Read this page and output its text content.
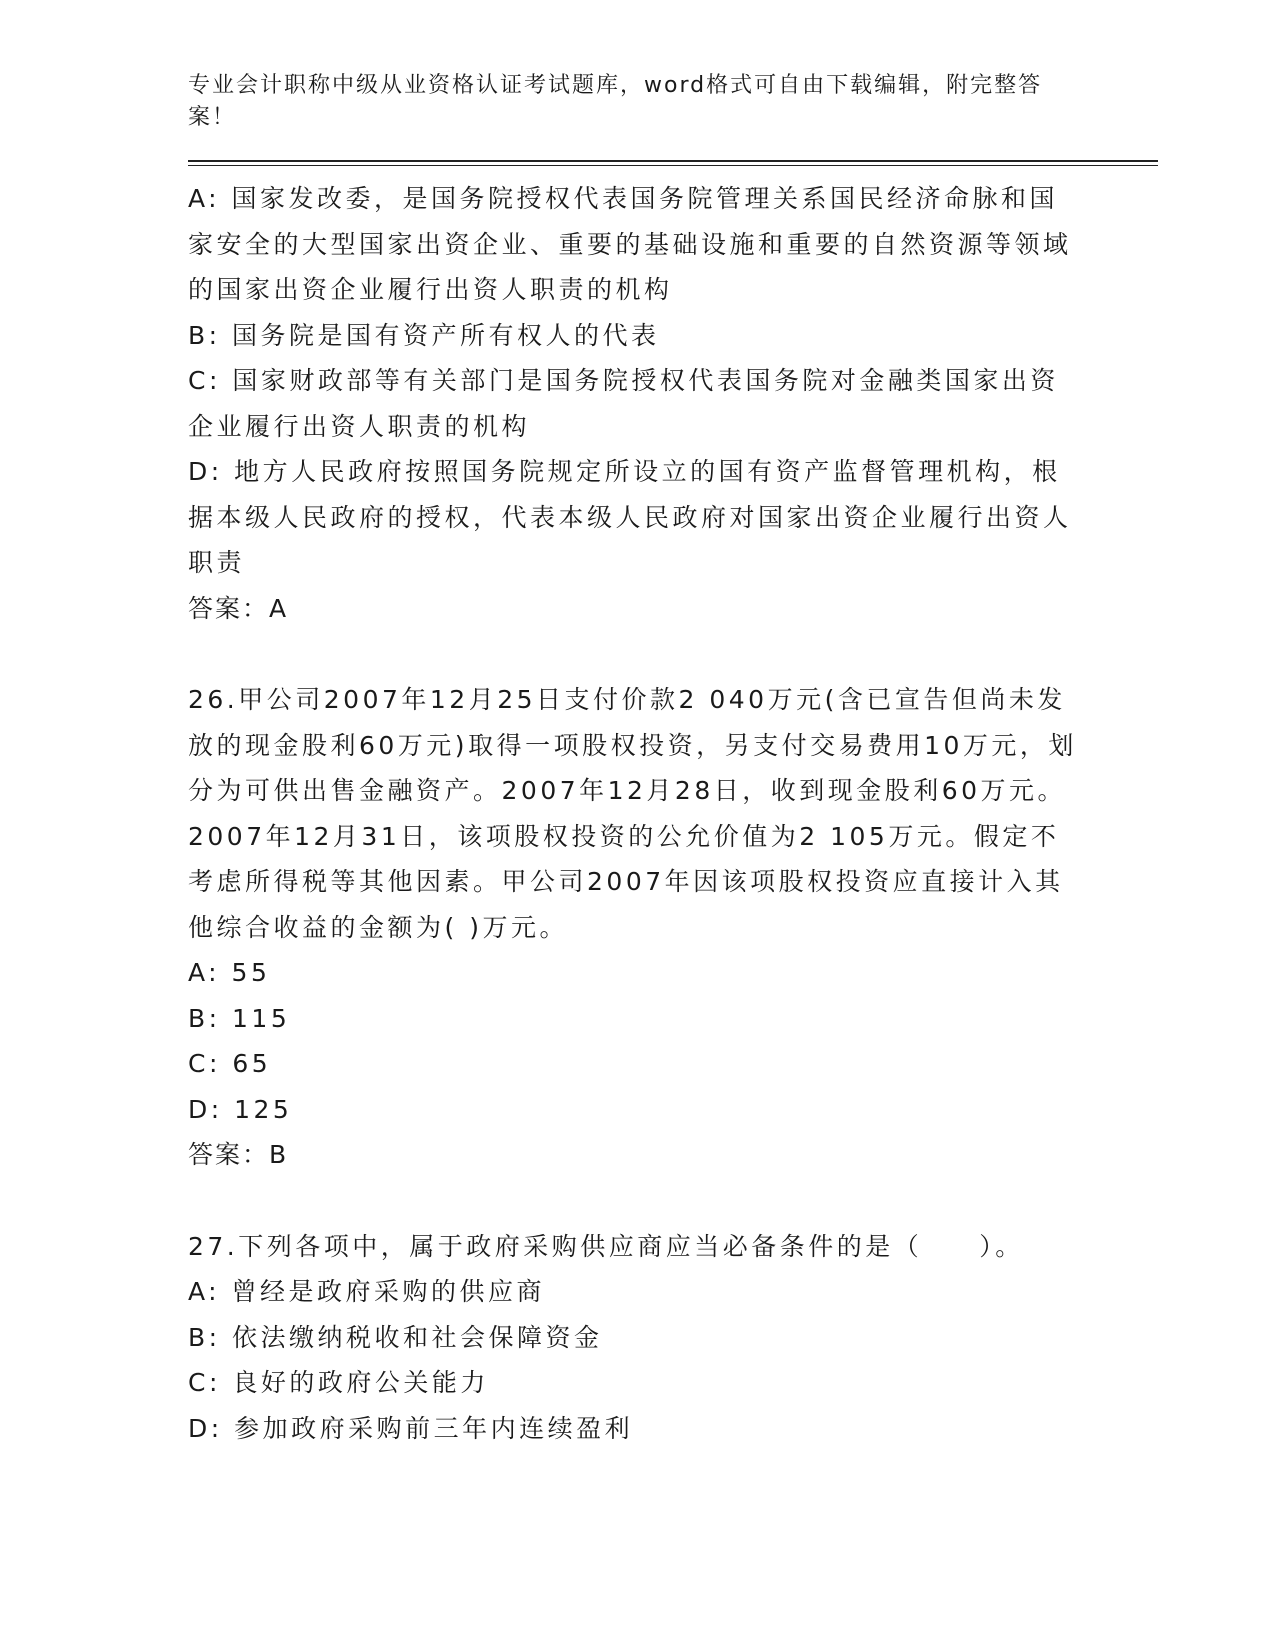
专业会计职称中级从业资格认证考试题库，word格式可自由下载编辑，附完整答案！

A: 国家发改委，是国务院授权代表国务院管理关系国民经济命脉和国家安全的大型国家出资企业、重要的基础设施和重要的自然资源等领域的国家出资企业履行出资人职责的机构

B: 国务院是国有资产所有权人的代表

C: 国家财政部等有关部门是国务院授权代表国务院对金融类国家出资企业履行出资人职责的机构

D: 地方人民政府按照国务院规定所设立的国有资产监督管理机构，根据本级人民政府的授权，代表本级人民政府对国家出资企业履行出资人职责

答案：A

26.甲公司2007年12月25日支付价款2 040万元(含已宣告但尚未发放的现金股利60万元)取得一项股权投资，另支付交易费用10万元，划分为可供出售金融资产。2007年12月28日，收到现金股利60万元。2007年12月31日，该项股权投资的公允价值为2 105万元。假定不考虑所得税等其他因素。甲公司2007年因该项股权投资应直接计入其他综合收益的金额为( )万元。

A: 55

B: 115

C: 65

D: 125

答案：B

27.下列各项中，属于政府采购供应商应当必备条件的是（　　）。

A: 曾经是政府采购的供应商

B: 依法缴纳税收和社会保障资金

C: 良好的政府公关能力

D: 参加政府采购前三年内连续盈利
